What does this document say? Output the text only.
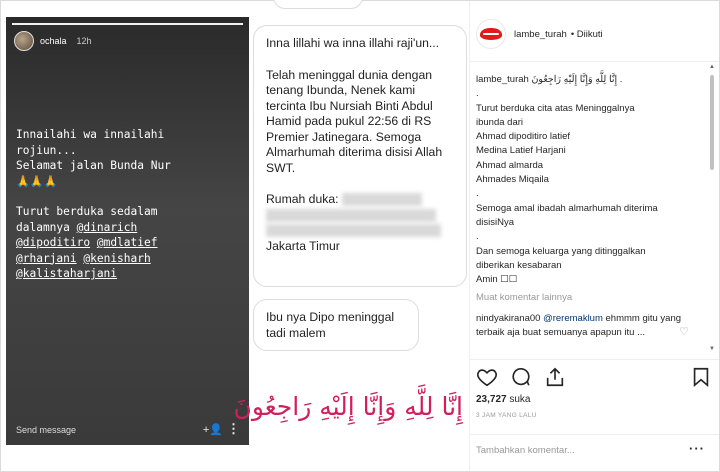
ochala 12h

Innailahi wa innailahi

rojiun...

Selamat jalan Bunda Nur

🙏🙏🙏

Turut berduka sedalam

dalamnya @dinarich

@dipoditiro @mdlatief

@rharjani @kenisharh

@kalistaharjani

Send message	+👤 ⋮

Inna lillahi wa inna illahi raji'un...

Telah meninggal dunia dengan tenang Ibunda, Nenek kami tercinta Ibu Nursiah Binti Abdul Hamid pada pukul 22:56 di RS Premier Jatinegara. Semoga Almarhumah diterima disisi Allah SWT.

Rumah duka:

Jakarta Timur

Ibu nya Dipo meninggal tadi malem

إِنَّا لِلَّهِ وَإِنَّا إِلَيْهِ رَاجِعُونَ
lambe_turah • Diikuti
lambe_turah إِنَّا لِلَّهِ وَإِنَّا إِلَيْهِ رَاجِعُونَ .
.
Turut berduka cita atas Meninggalnya
ibunda dari
Ahmad dipoditiro latief
Medina Latief Harjani
Ahmad almarda
Ahmades Miqaila
.
Semoga amal ibadah almarhumah diterima
disisiNya
.
Dan semoga keluarga yang ditinggalkan
diberikan kesabaran
Amin ☐☐
Muat komentar lainnya
nindyakirana00 @reremaklum ehmmm gitu yang terbaik aja buat semuanya apapun itu ...	♡
▲
▼
23,727 suka
3 JAM YANG LALU
Tambahkan komentar...	···
